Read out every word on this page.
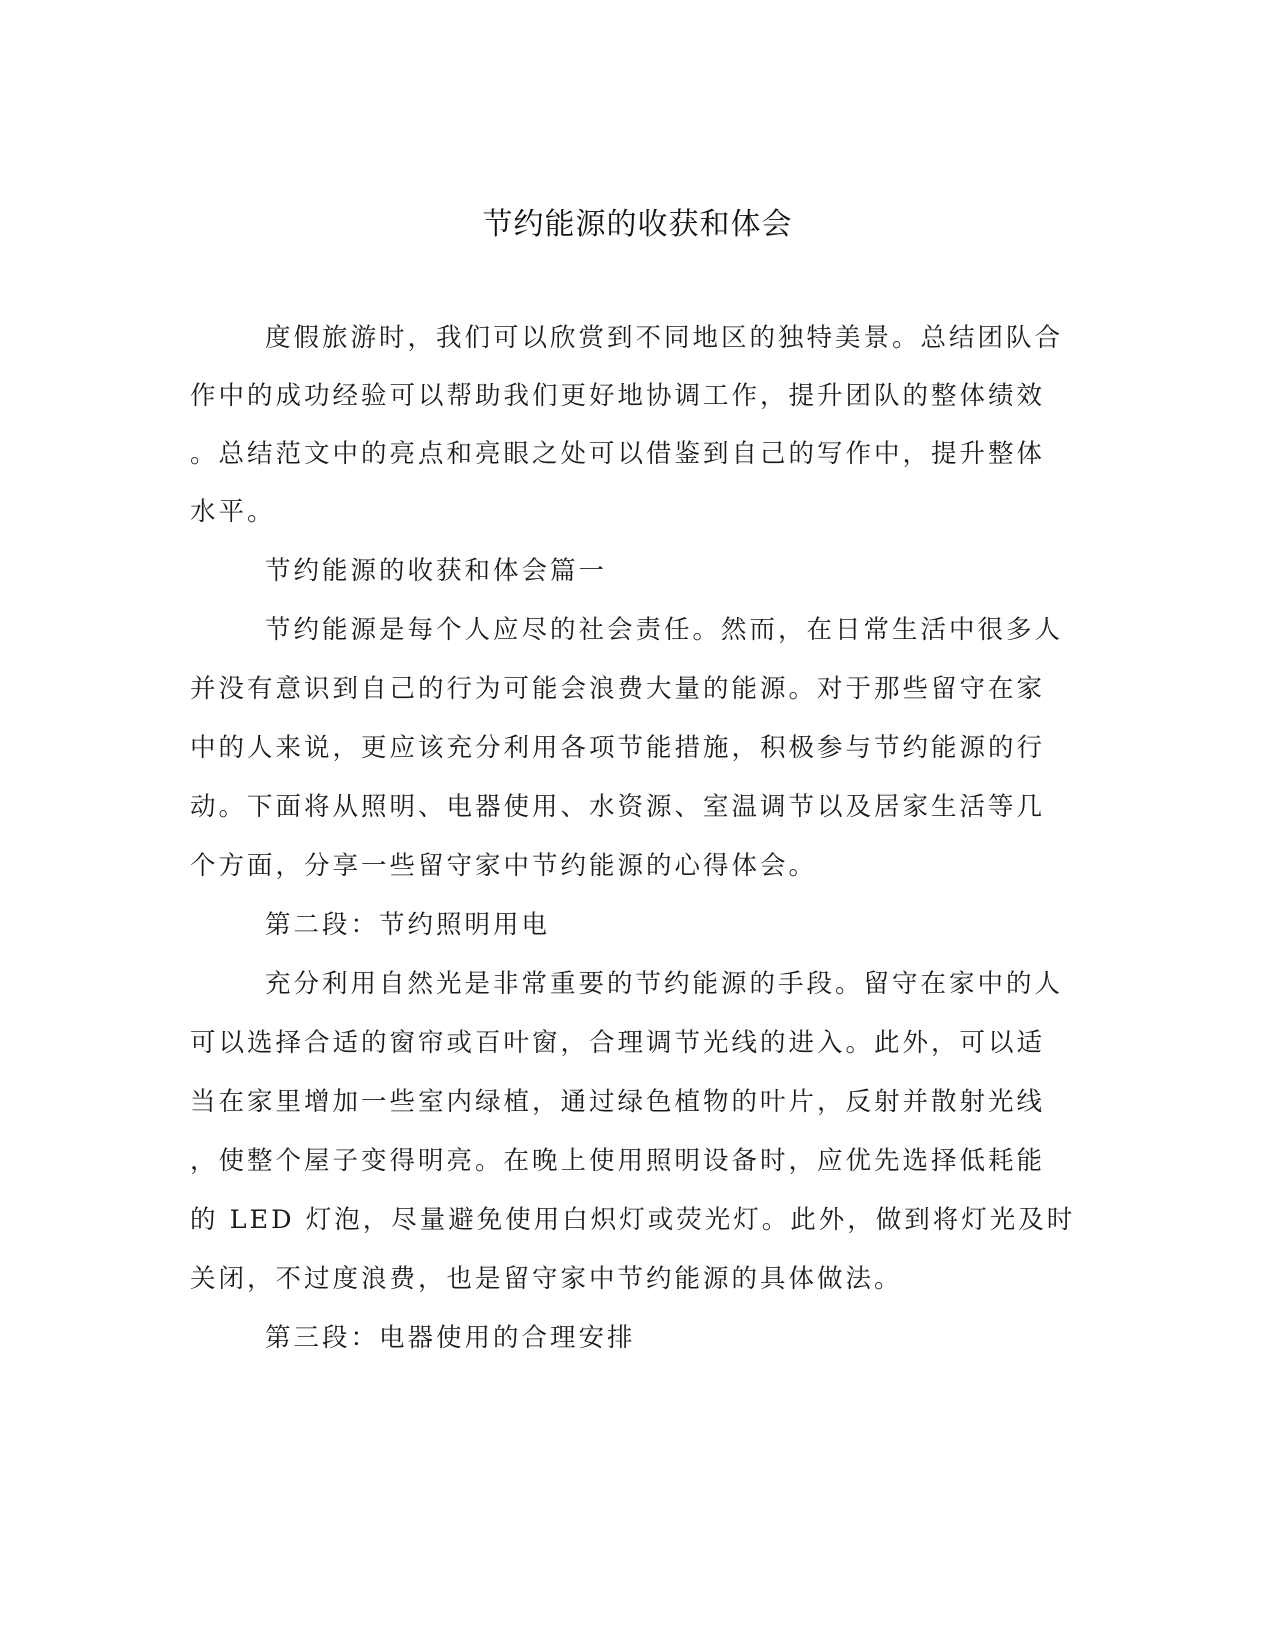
节约能源的收获和体会

度假旅游时，我们可以欣赏到不同地区的独特美景。总结团队合

作中的成功经验可以帮助我们更好地协调工作，提升团队的整体绩效

。总结范文中的亮点和亮眼之处可以借鉴到自己的写作中，提升整体

水平。

节约能源的收获和体会篇一

节约能源是每个人应尽的社会责任。然而，在日常生活中很多人

并没有意识到自己的行为可能会浪费大量的能源。对于那些留守在家

中的人来说，更应该充分利用各项节能措施，积极参与节约能源的行

动。下面将从照明、电器使用、水资源、室温调节以及居家生活等几

个方面，分享一些留守家中节约能源的心得体会。

第二段：节约照明用电

充分利用自然光是非常重要的节约能源的手段。留守在家中的人

可以选择合适的窗帘或百叶窗，合理调节光线的进入。此外，可以适

当在家里增加一些室内绿植，通过绿色植物的叶片，反射并散射光线

，使整个屋子变得明亮。在晚上使用照明设备时，应优先选择低耗能

的 LED 灯泡，尽量避免使用白炽灯或荧光灯。此外，做到将灯光及时

关闭，不过度浪费，也是留守家中节约能源的具体做法。

第三段：电器使用的合理安排
